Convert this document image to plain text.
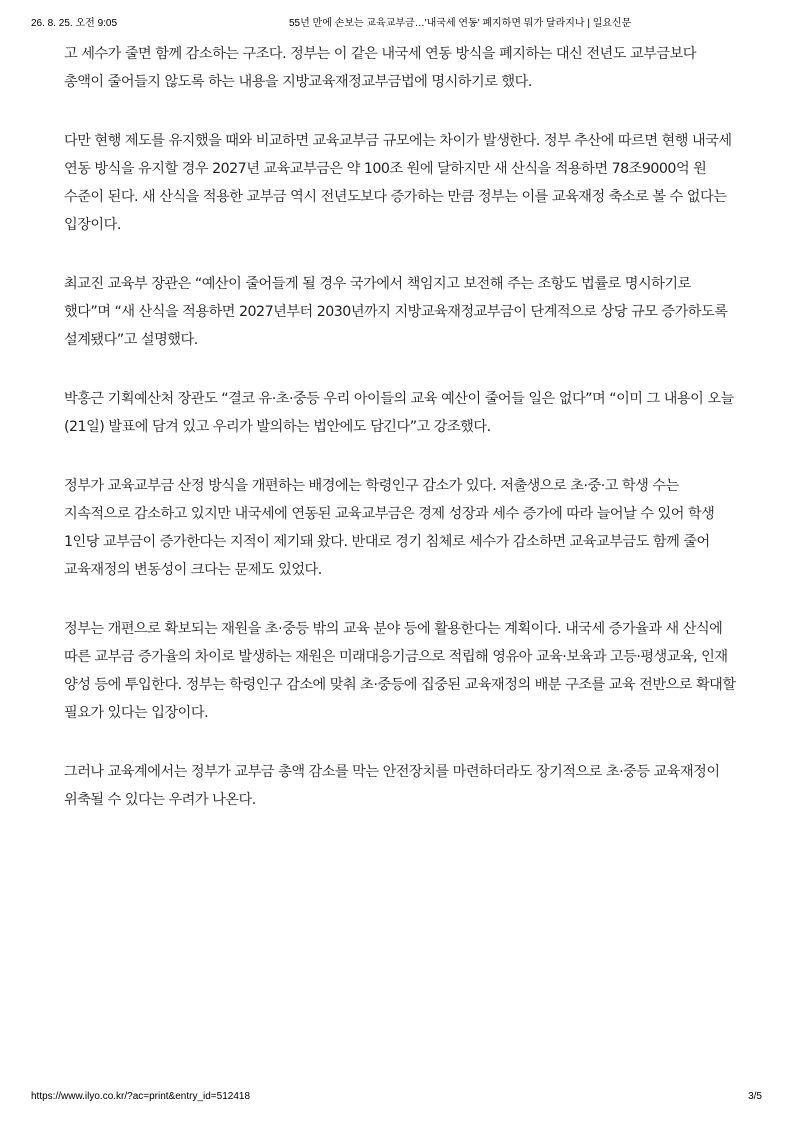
26. 8. 25. 오전 9:05	55년 만에 손보는 교육교부금…'내국세 연동' 폐지하면 뭐가 달라지나 | 일요신문

고 세수가 줄면 함께 감소하는 구조다. 정부는 이 같은 내국세 연동 방식을 폐지하는 대신 전년도 교부금보다 총액이 줄어들지 않도록 하는 내용을 지방교육재정교부금법에 명시하기로 했다.

다만 현행 제도를 유지했을 때와 비교하면 교육교부금 규모에는 차이가 발생한다. 정부 추산에 따르면 현행 내국세 연동 방식을 유지할 경우 2027년 교육교부금은 약 100조 원에 달하지만 새 산식을 적용하면 78조9000억 원 수준이 된다. 새 산식을 적용한 교부금 역시 전년도보다 증가하는 만큼 정부는 이를 교육재정 축소로 볼 수 없다는 입장이다.

최교진 교육부 장관은 “예산이 줄어들게 될 경우 국가에서 책임지고 보전해 주는 조항도 법률로 명시하기로 했다”며 “새 산식을 적용하면 2027년부터 2030년까지 지방교육재정교부금이 단계적으로 상당 규모 증가하도록 설계됐다”고 설명했다.

박홍근 기획예산처 장관도 “결코 유·초·중등 우리 아이들의 교육 예산이 줄어들 일은 없다”며 “이미 그 내용이 오늘(21일) 발표에 담겨 있고 우리가 발의하는 법안에도 담긴다”고 강조했다.

정부가 교육교부금 산정 방식을 개편하는 배경에는 학령인구 감소가 있다. 저출생으로 초·중·고 학생 수는 지속적으로 감소하고 있지만 내국세에 연동된 교육교부금은 경제 성장과 세수 증가에 따라 늘어날 수 있어 학생 1인당 교부금이 증가한다는 지적이 제기돼 왔다. 반대로 경기 침체로 세수가 감소하면 교육교부금도 함께 줄어 교육재정의 변동성이 크다는 문제도 있었다.

정부는 개편으로 확보되는 재원을 초·중등 밖의 교육 분야 등에 활용한다는 계획이다. 내국세 증가율과 새 산식에 따른 교부금 증가율의 차이로 발생하는 재원은 미래대응기금으로 적립해 영유아 교육·보육과 고등·평생교육, 인재 양성 등에 투입한다. 정부는 학령인구 감소에 맞춰 초·중등에 집중된 교육재정의 배분 구조를 교육 전반으로 확대할 필요가 있다는 입장이다.

그러나 교육계에서는 정부가 교부금 총액 감소를 막는 안전장치를 마련하더라도 장기적으로 초·중등 교육재정이 위축될 수 있다는 우려가 나온다.

https://www.ilyo.co.kr/?ac=print&entry_id=512418	3/5
